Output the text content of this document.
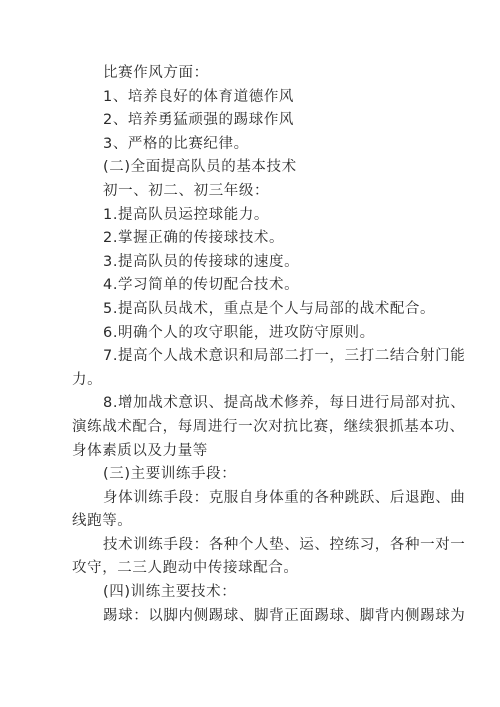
比赛作风方面：

1、培养良好的体育道德作风

2、培养勇猛顽强的踢球作风

3、严格的比赛纪律。

(二)全面提高队员的基本技术

初一、初二、初三年级：

1.提高队员运控球能力。

2.掌握正确的传接球技术。

3.提高队员的传接球的速度。

4.学习简单的传切配合技术。

5.提高队员战术，重点是个人与局部的战术配合。

6.明确个人的攻守职能，进攻防守原则。

7.提高个人战术意识和局部二打一，三打二结合射门能

力。

8.增加战术意识、提高战术修养，每日进行局部对抗、

演练战术配合，每周进行一次对抗比赛，继续狠抓基本功、

身体素质以及力量等

(三)主要训练手段：

身体训练手段：克服自身体重的各种跳跃、后退跑、曲

线跑等。

技术训练手段：各种个人垫、运、控练习，各种一对一

攻守，二三人跑动中传接球配合。

(四)训练主要技术：

踢球：以脚内侧踢球、脚背正面踢球、脚背内侧踢球为
